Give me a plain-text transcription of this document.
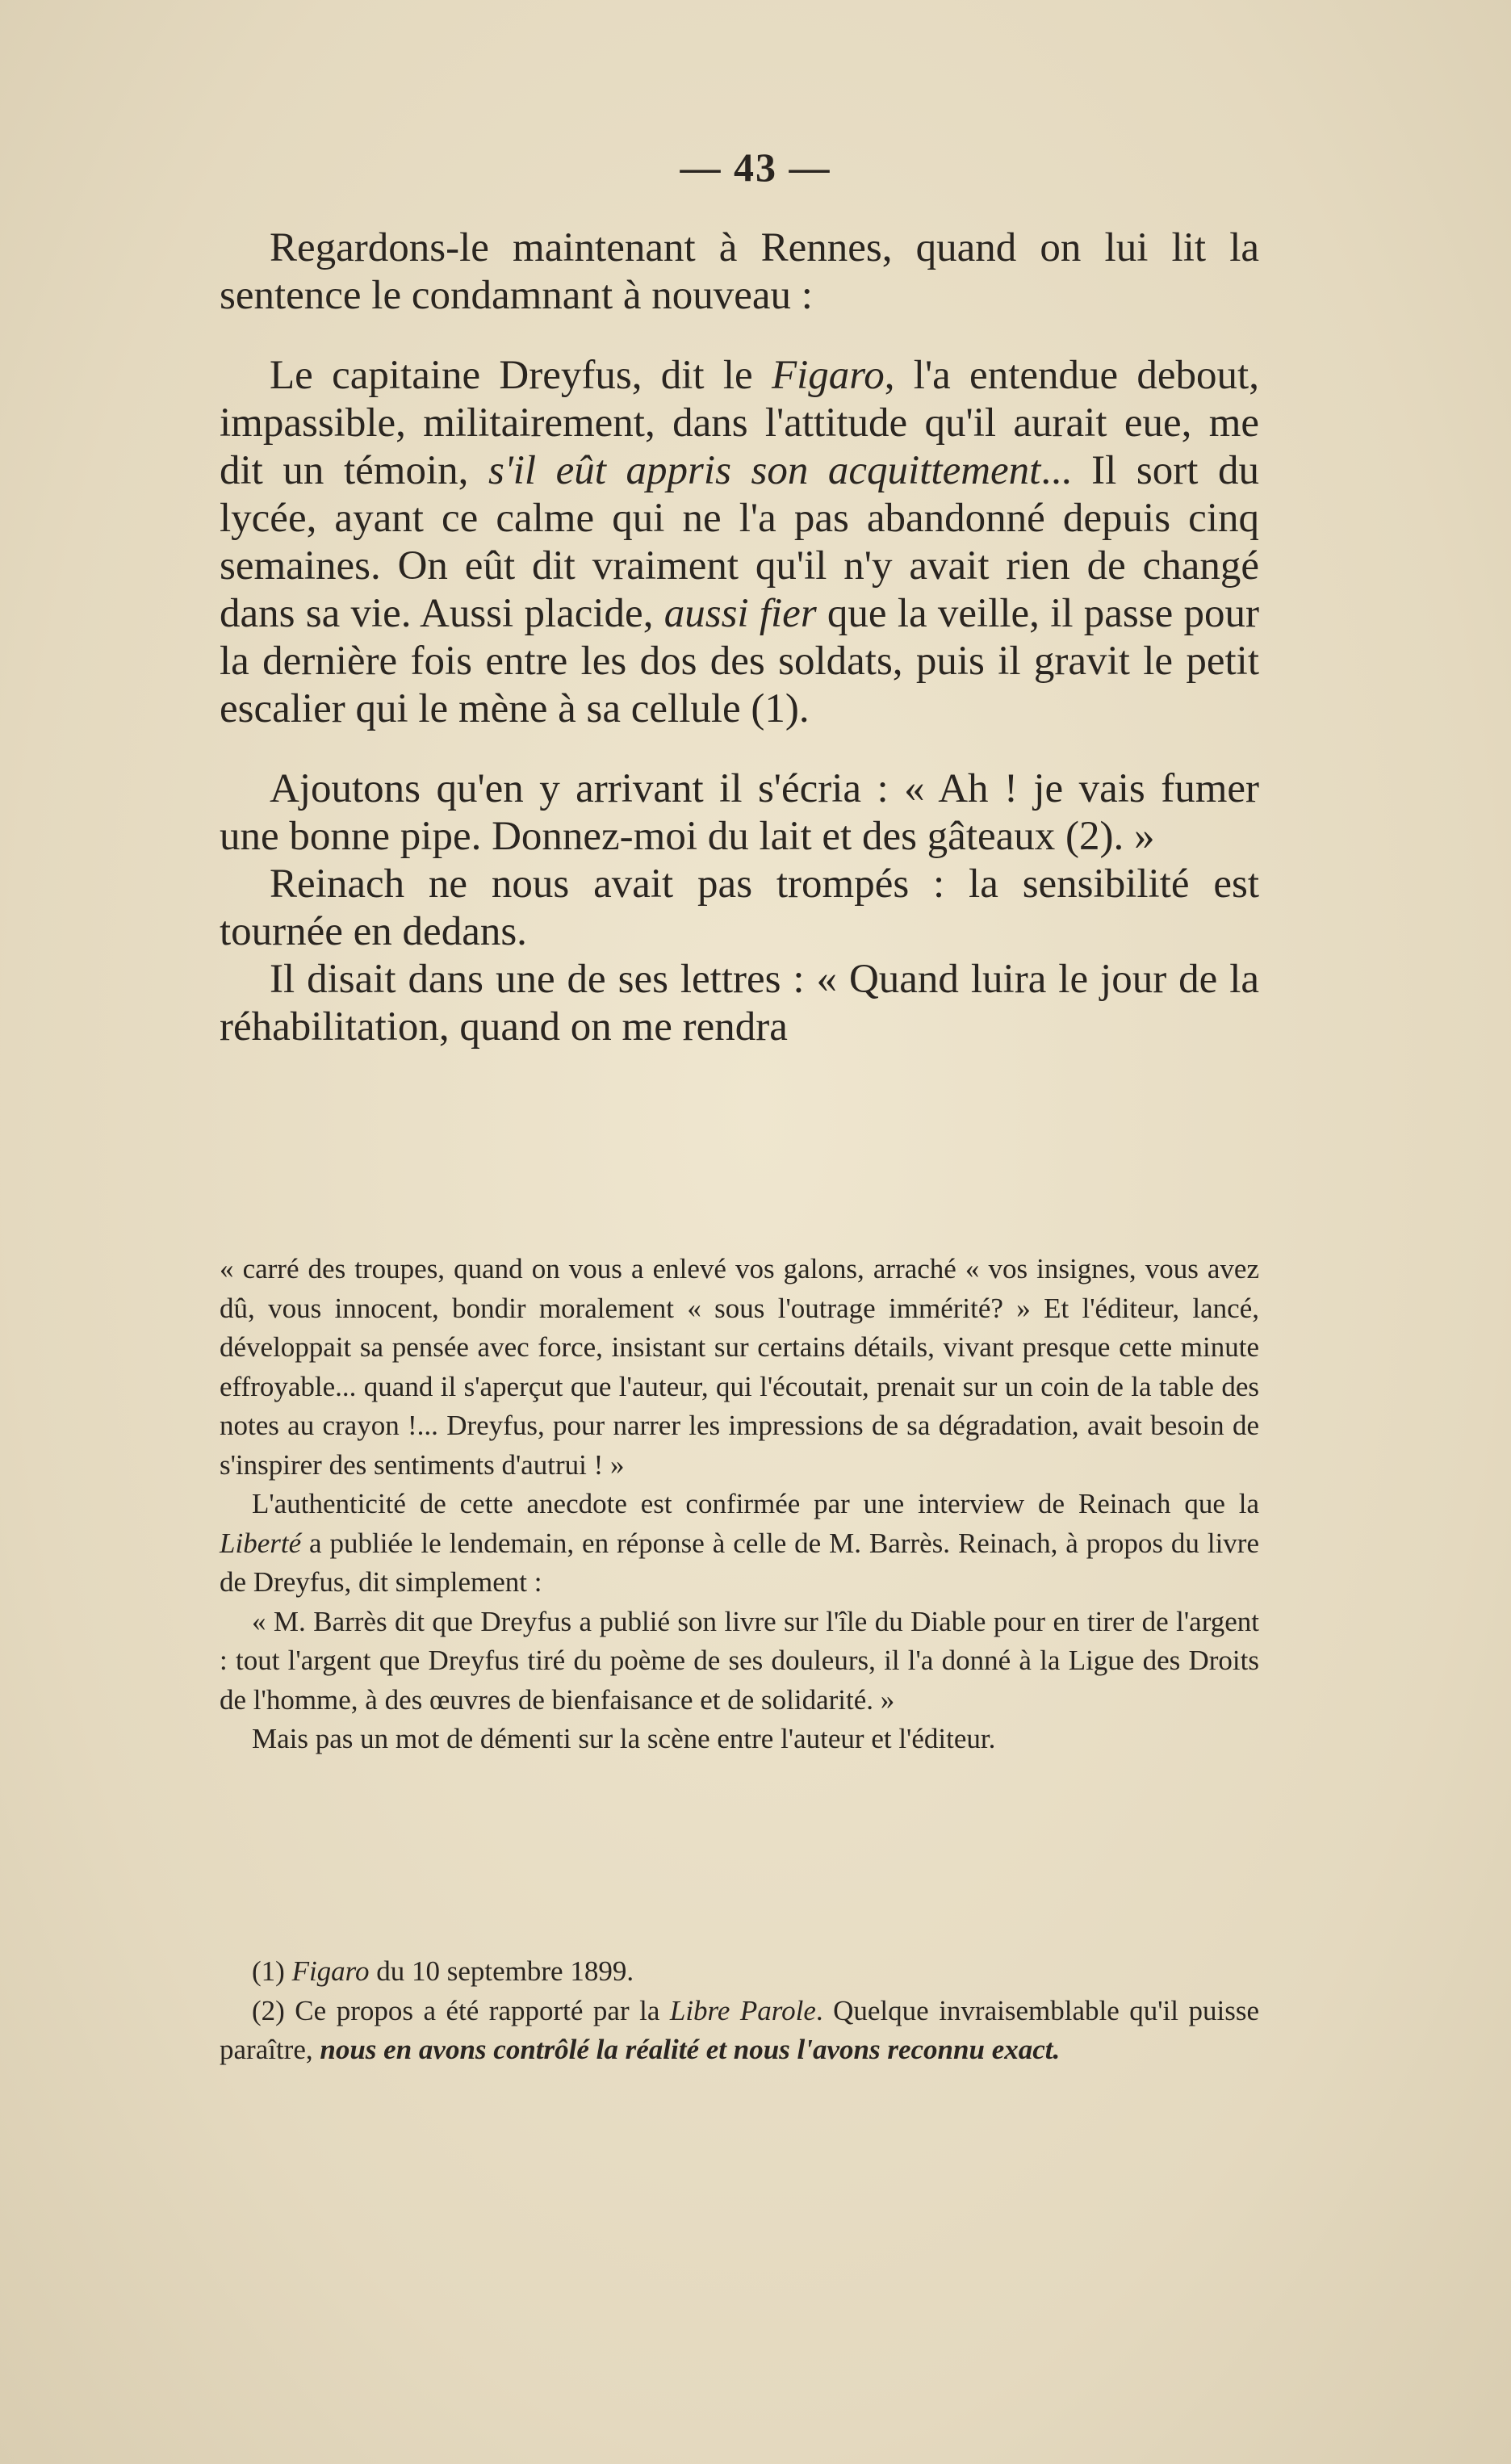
— 43 —

Regardons-le maintenant à Rennes, quand on lui lit la sentence le condamnant à nouveau :

Le capitaine Dreyfus, dit le Figaro, l'a entendue debout, impassible, militairement, dans l'attitude qu'il aurait eue, me dit un témoin, s'il eût appris son acquittement... Il sort du lycée, ayant ce calme qui ne l'a pas abandonné depuis cinq semaines. On eût dit vraiment qu'il n'y avait rien de changé dans sa vie. Aussi placide, aussi fier que la veille, il passe pour la dernière fois entre les dos des soldats, puis il gravit le petit escalier qui le mène à sa cellule (1).

Ajoutons qu'en y arrivant il s'écria : « Ah ! je vais fumer une bonne pipe. Donnez-moi du lait et des gâteaux (2). »

Reinach ne nous avait pas trompés : la sensibilité est tournée en dedans.

Il disait dans une de ses lettres : « Quand luira le jour de la réhabilitation, quand on me rendra

« carré des troupes, quand on vous a enlevé vos galons, arraché « vos insignes, vous avez dû, vous innocent, bondir moralement « sous l'outrage immérité? » Et l'éditeur, lancé, développait sa pensée avec force, insistant sur certains détails, vivant presque cette minute effroyable... quand il s'aperçut que l'auteur, qui l'écoutait, prenait sur un coin de la table des notes au crayon !... Dreyfus, pour narrer les impressions de sa dégradation, avait besoin de s'inspirer des sentiments d'autrui ! »

L'authenticité de cette anecdote est confirmée par une interview de Reinach que la Liberté a publiée le lendemain, en réponse à celle de M. Barrès. Reinach, à propos du livre de Dreyfus, dit simplement :

« M. Barrès dit que Dreyfus a publié son livre sur l'île du Diable pour en tirer de l'argent : tout l'argent que Dreyfus tiré du poème de ses douleurs, il l'a donné à la Ligue des Droits de l'homme, à des œuvres de bienfaisance et de solidarité. »

Mais pas un mot de démenti sur la scène entre l'auteur et l'éditeur.

(1) Figaro du 10 septembre 1899.

(2) Ce propos a été rapporté par la Libre Parole. Quelque invraisemblable qu'il puisse paraître, nous en avons contrôlé la réalité et nous l'avons reconnu exact.
